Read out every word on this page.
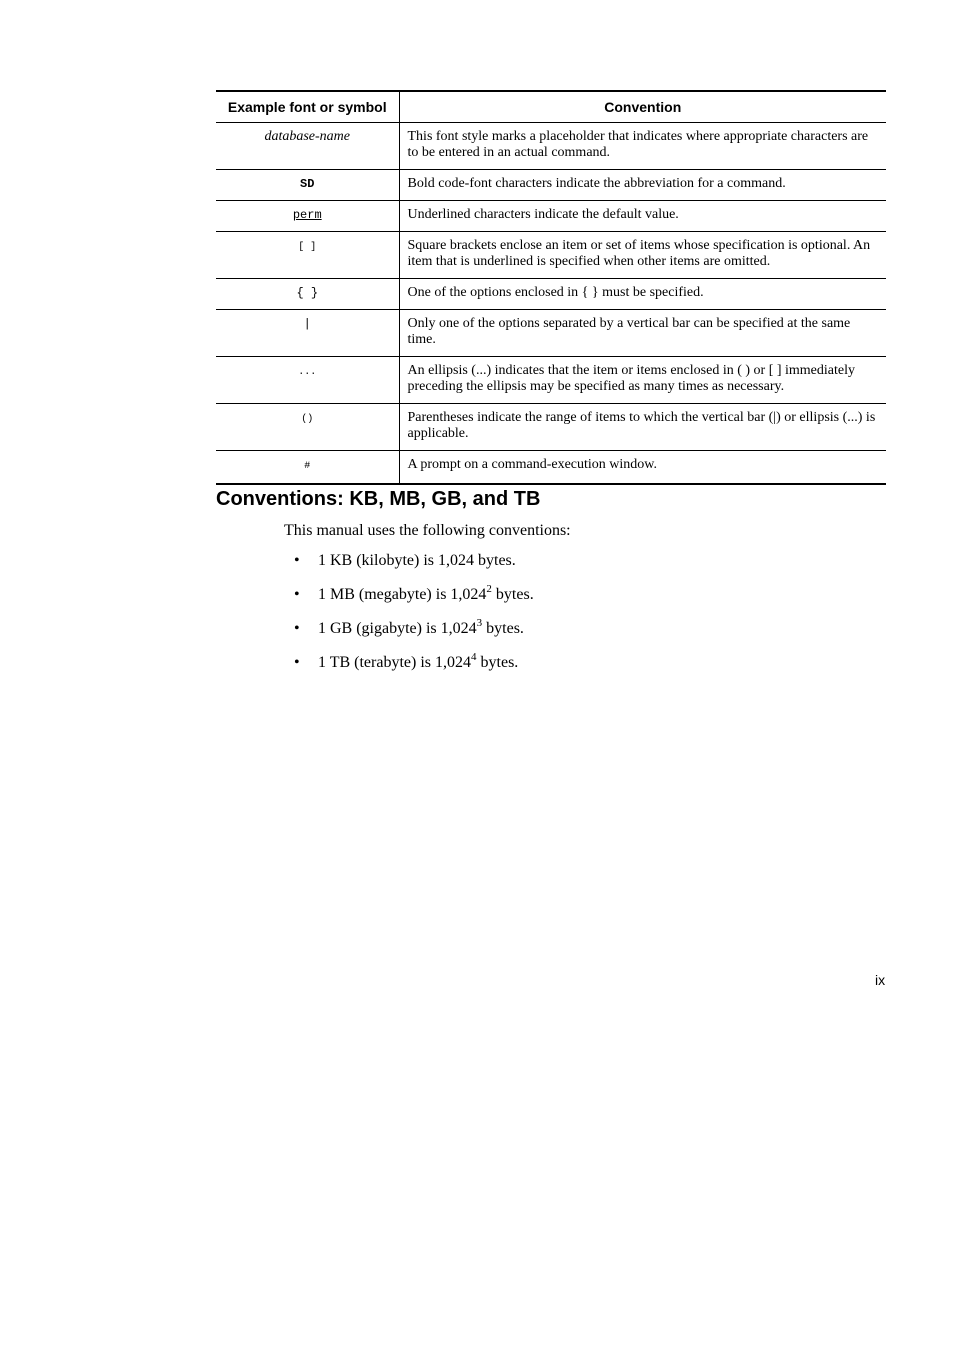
Example font or symbol	Convention
database-name	This font style marks a placeholder that indicates where appropriate characters are to be entered in an actual command.
SD	Bold code-font characters indicate the abbreviation for a command.
perm	Underlined characters indicate the default value.
[ ]	Square brackets enclose an item or set of items whose specification is optional. An item that is underlined is specified when other items are omitted.
{ }	One of the options enclosed in { } must be specified.
|	Only one of the options separated by a vertical bar can be specified at the same time.
...	An ellipsis (...) indicates that the item or items enclosed in ( ) or [ ] immediately preceding the ellipsis may be specified as many times as necessary.
()	Parentheses indicate the range of items to which the vertical bar (|) or ellipsis (...) is applicable.
#	A prompt on a command-execution window.
Conventions: KB, MB, GB, and TB

This manual uses the following conventions:

• 1 KB (kilobyte) is 1,024 bytes.
• 1 MB (megabyte) is 1,024$^2$ bytes.
• 1 GB (gigabyte) is 1,024$^3$ bytes.
• 1 TB (terabyte) is 1,024$^4$ bytes.
ix
